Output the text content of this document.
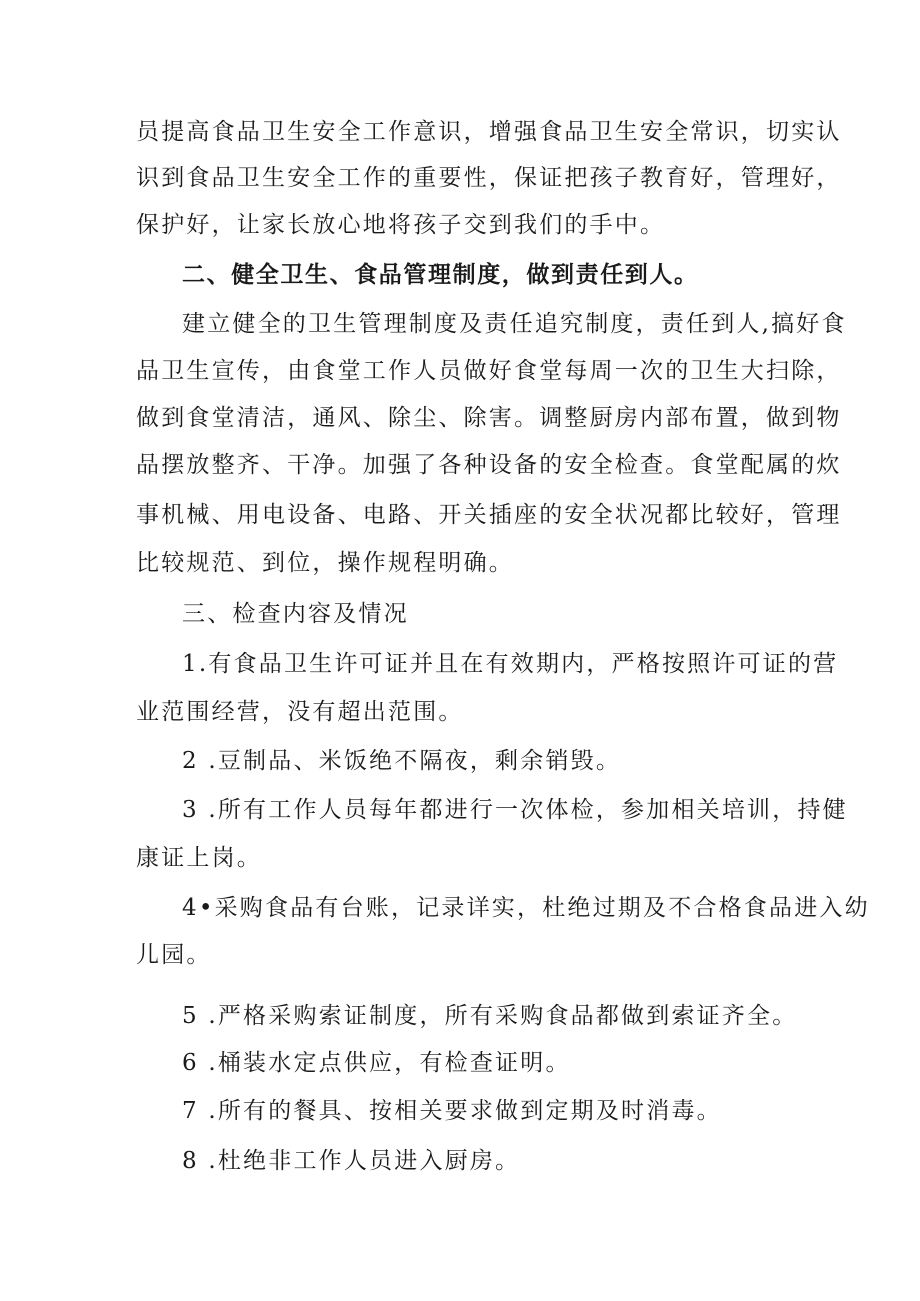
员提高食品卫生安全工作意识，增强食品卫生安全常识，切实认
识到食品卫生安全工作的重要性，保证把孩子教育好，管理好，
保护好，让家长放心地将孩子交到我们的手中。
二、健全卫生、食品管理制度，做到责任到人。
建立健全的卫生管理制度及责任追究制度，责任到人,搞好食
品卫生宣传，由食堂工作人员做好食堂每周一次的卫生大扫除，
做到食堂清洁，通风、除尘、除害。调整厨房内部布置，做到物
品摆放整齐、干净。加强了各种设备的安全检查。食堂配属的炊
事机械、用电设备、电路、开关插座的安全状况都比较好，管理
比较规范、到位，操作规程明确。
三、检查内容及情况
1.有食品卫生许可证并且在有效期内，严格按照许可证的营
业范围经营，没有超出范围。
2 .豆制品、米饭绝不隔夜，剩余销毁。
3 .所有工作人员每年都进行一次体检，参加相关培训，持健
康证上岗。
4•采购食品有台账，记录详实，杜绝过期及不合格食品进入幼
儿园。
5 .严格采购索证制度，所有采购食品都做到索证齐全。
6 .桶装水定点供应，有检查证明。
7 .所有的餐具、按相关要求做到定期及时消毒。
8 .杜绝非工作人员进入厨房。
